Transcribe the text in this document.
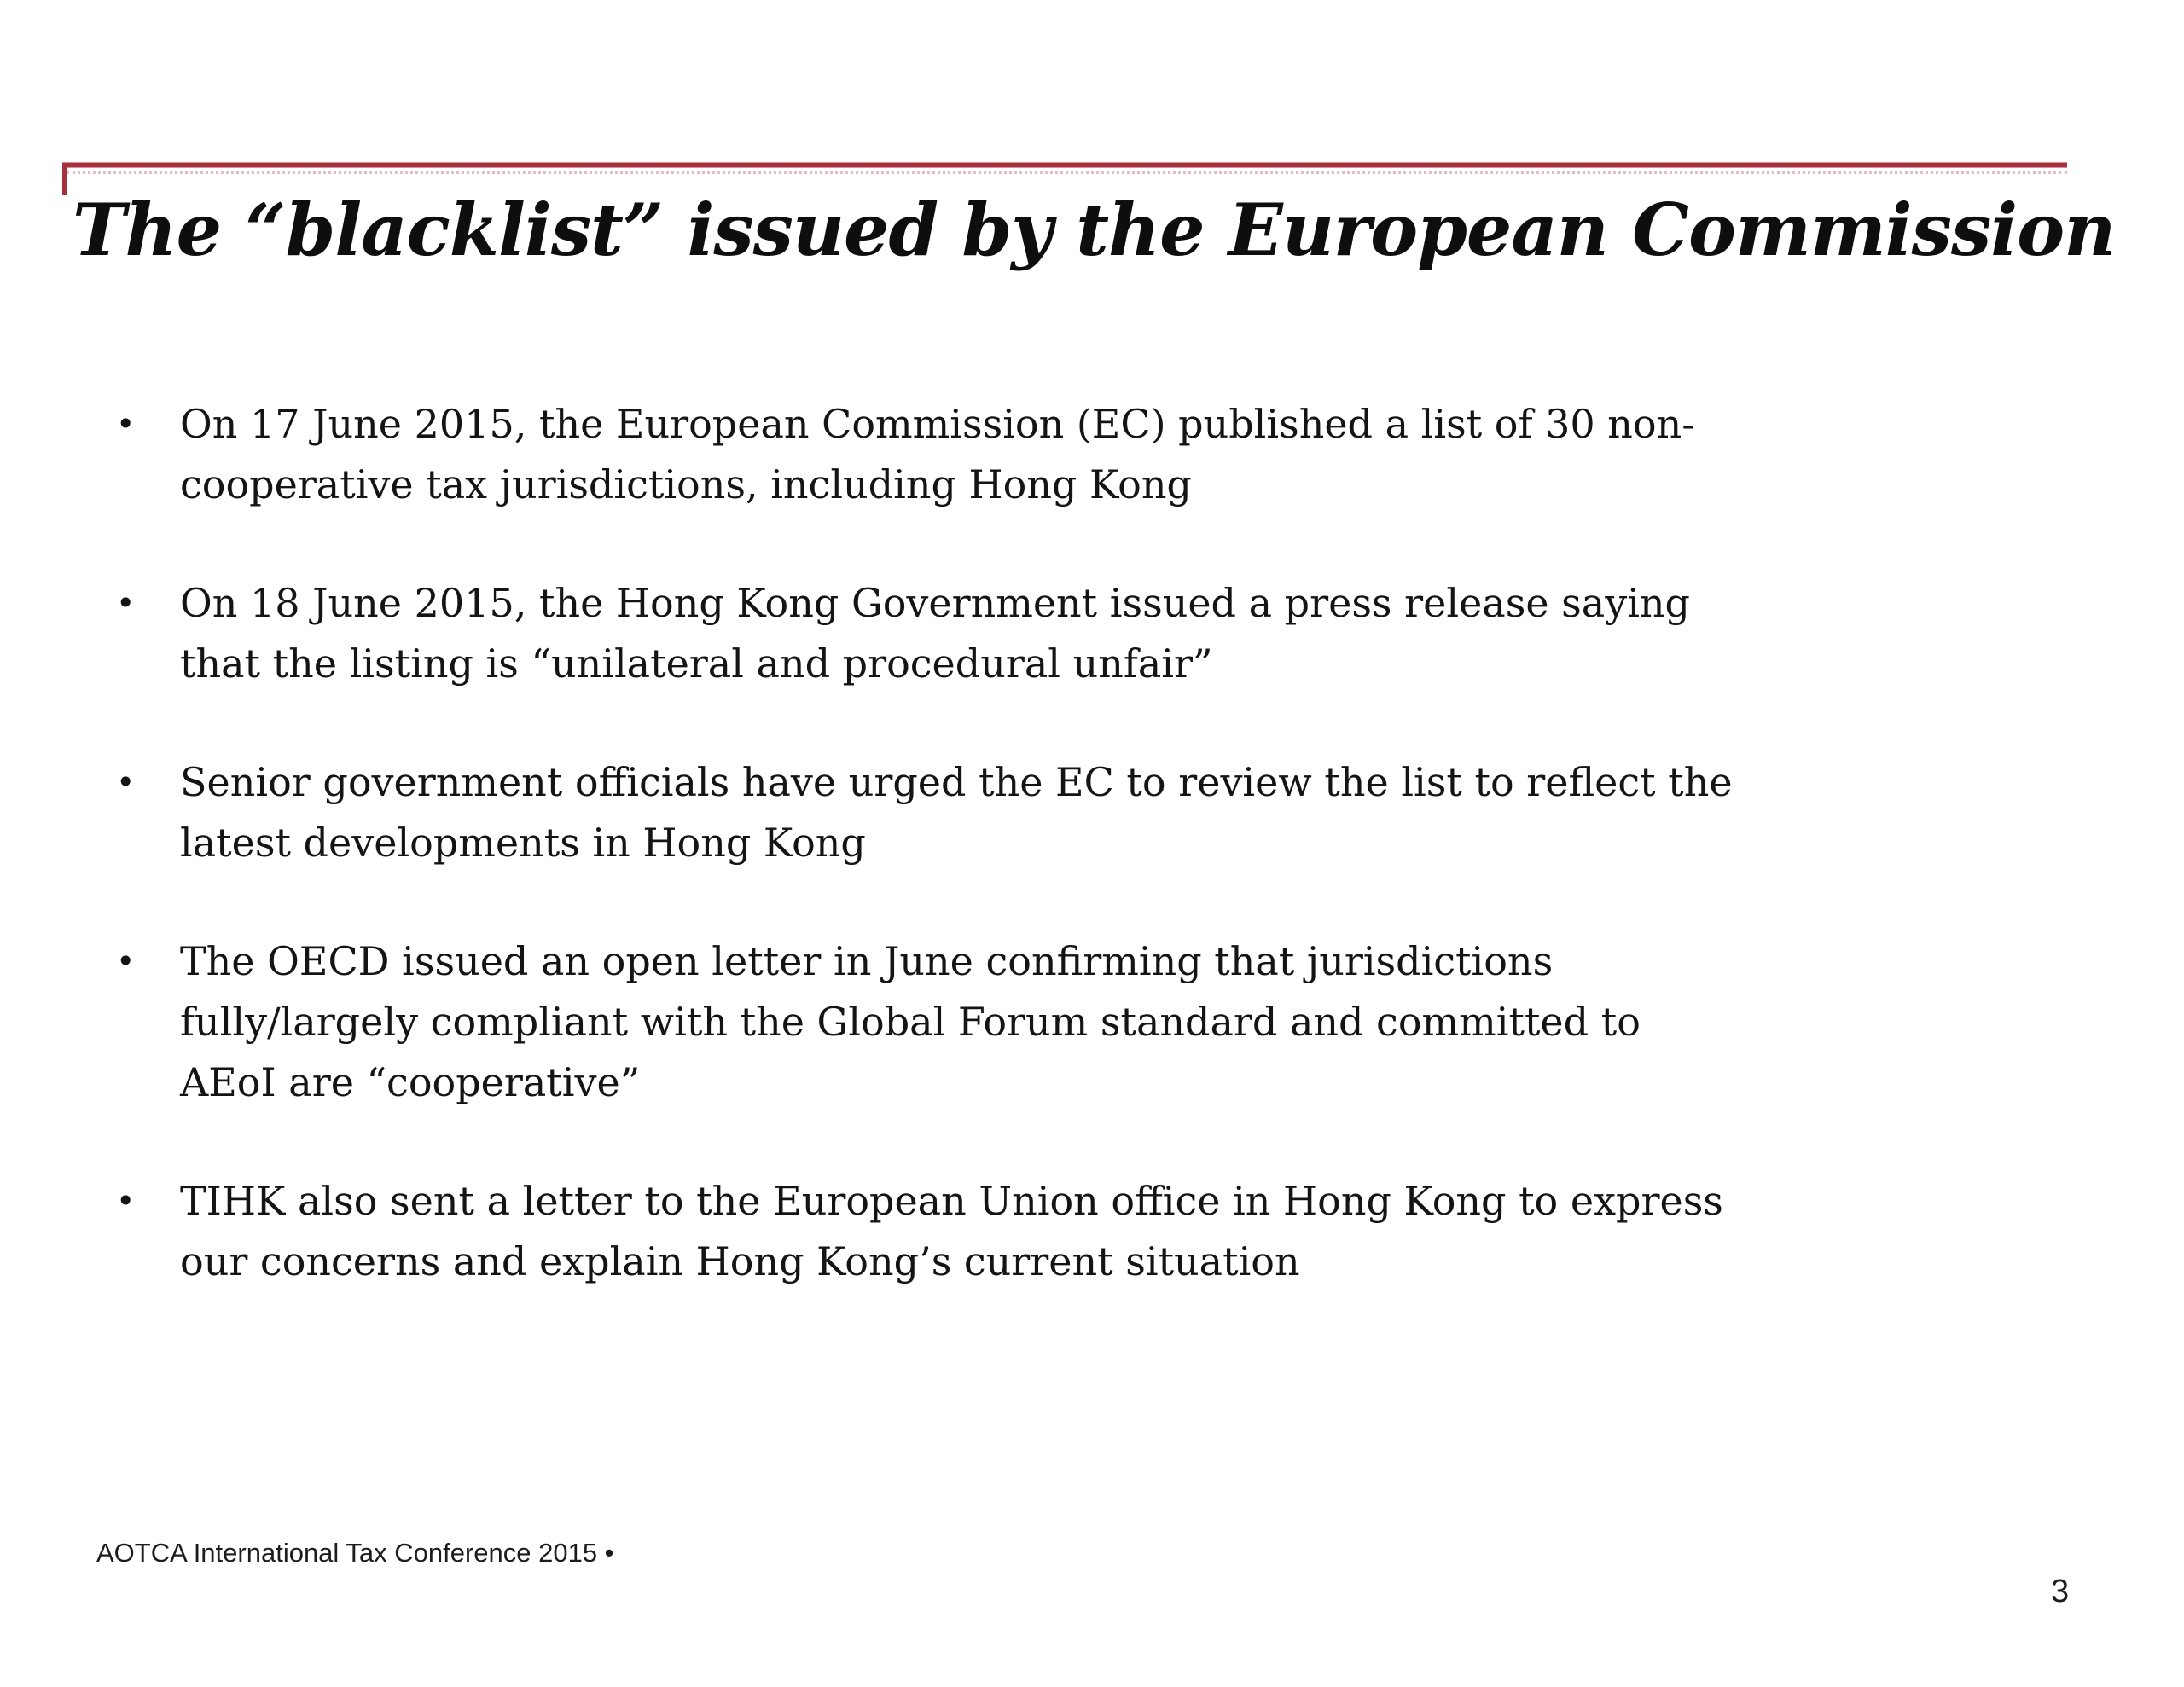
The “blacklist” issued by the European Commission
• On 17 June 2015, the European Commission (EC) published a list of 30 non-
cooperative tax jurisdictions, including Hong Kong
• On 18 June 2015, the Hong Kong Government issued a press release saying
that the listing is “unilateral and procedural unfair”
• Senior government officials have urged the EC to review the list to reflect the
latest developments in Hong Kong
• The OECD issued an open letter in June confirming that jurisdictions
fully/largely compliant with the Global Forum standard and committed to
AEoI are “cooperative”
• TIHK also sent a letter to the European Union office in Hong Kong to express
our concerns and explain Hong Kong’s current situation
AOTCA International Tax Conference 2015 •
3
